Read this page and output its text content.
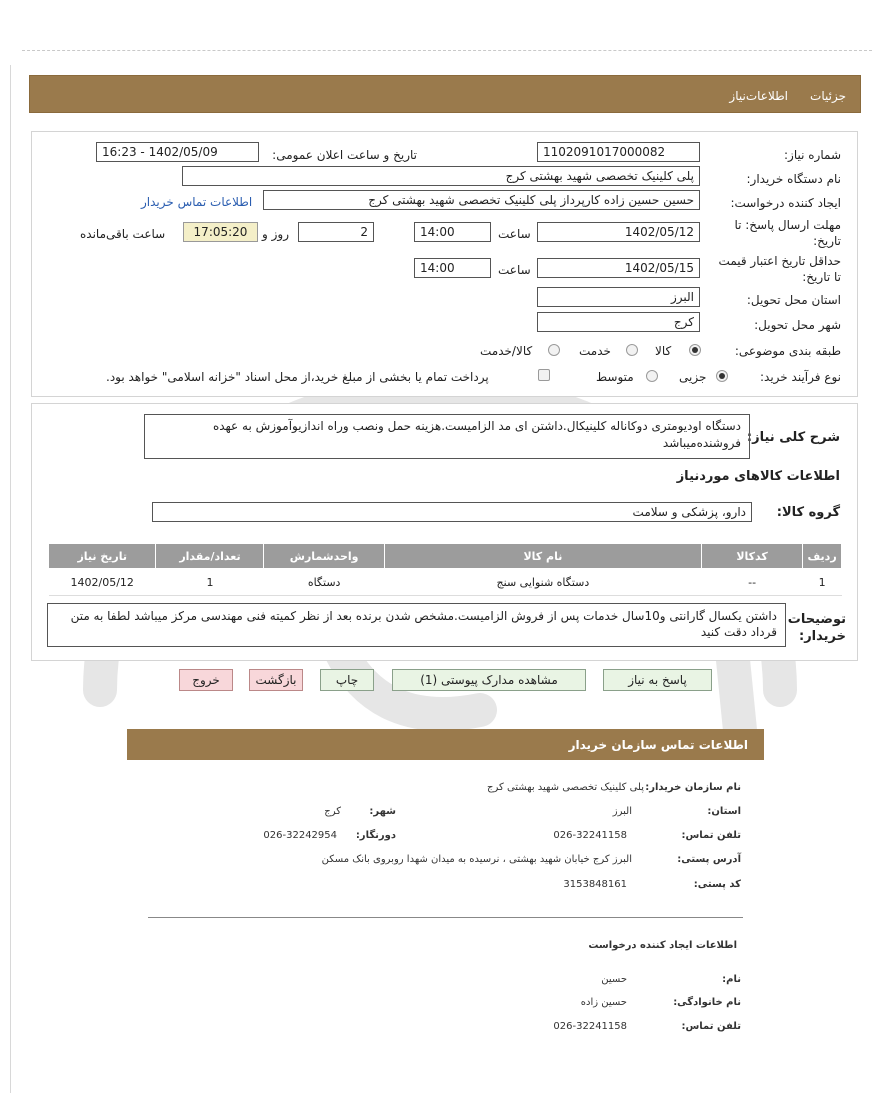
جزئیات
اطلاعات‌نیاز
شماره نیاز:
1102091017000082
تاریخ و ساعت اعلان عمومی:
1402/05/09 - 16:23
نام دستگاه خریدار:
پلی کلینیک تخصصی شهید بهشتی کرج
ایجاد کننده درخواست:
حسین حسین زاده کارپرداز پلی کلینیک تخصصی شهید بهشتی کرج
اطلاعات تماس خریدار
مهلت ارسال پاسخ: تا
تاریخ:
1402/05/12
ساعت
14:00
2
روز و
17:05:20
ساعت باقی‌مانده
حداقل تاریخ اعتبار قیمت
تا تاریخ:
1402/05/15
ساعت
14:00
استان محل تحویل:
البرز
شهر محل تحویل:
کرج
طبقه بندی موضوعی:
کالا
خدمت
کالا/خدمت
نوع فرآیند خرید:
جزیی
متوسط
پرداخت تمام یا بخشی از مبلغ خرید،از محل اسناد "خزانه اسلامی" خواهد بود.
شرح کلی نیاز:
دستگاه اودیومتری دوکاناله کلینیکال.داشتن ای مد الزامیست.هزینه حمل ونصب وراه اندازیوآموزش به عهده فروشنده‌میباشد
اطلاعات کالاهای موردنیاز
گروه کالا:
دارو، پزشکی و سلامت
ردیف	کدکالا	نام کالا	واحدشمارش	تعداد/مقدار	تاریخ نیاز
1	--	دستگاه شنوایی سنج	دستگاه	1	1402/05/12
توضیحات
خریدار:
داشتن یکسال گارانتی و10سال خدمات پس از فروش الزامیست.مشخص شدن برنده بعد از نظر کمیته فنی مهندسی مرکز میباشد لطفا به متن قرداد دقت کنید
پاسخ به نیاز
مشاهده مدارک پیوستی (1)
چاپ
بازگشت
خروج
اطلاعات تماس سازمان خریدار
نام سازمان خریدار:
پلی کلینیک تخصصی شهید بهشتی کرج
استان:
البرز
شهر:
کرج
تلفن تماس:
026-32241158
دورنگار:
026-32242954
آدرس پستی:
البرز کرج خیابان شهید بهشتی ، نرسیده به میدان شهدا روبروی بانک مسکن
کد پستی:
3153848161
اطلاعات ایجاد کننده درخواست
نام:
حسین
نام خانوادگی:
حسین زاده
تلفن تماس:
026-32241158
